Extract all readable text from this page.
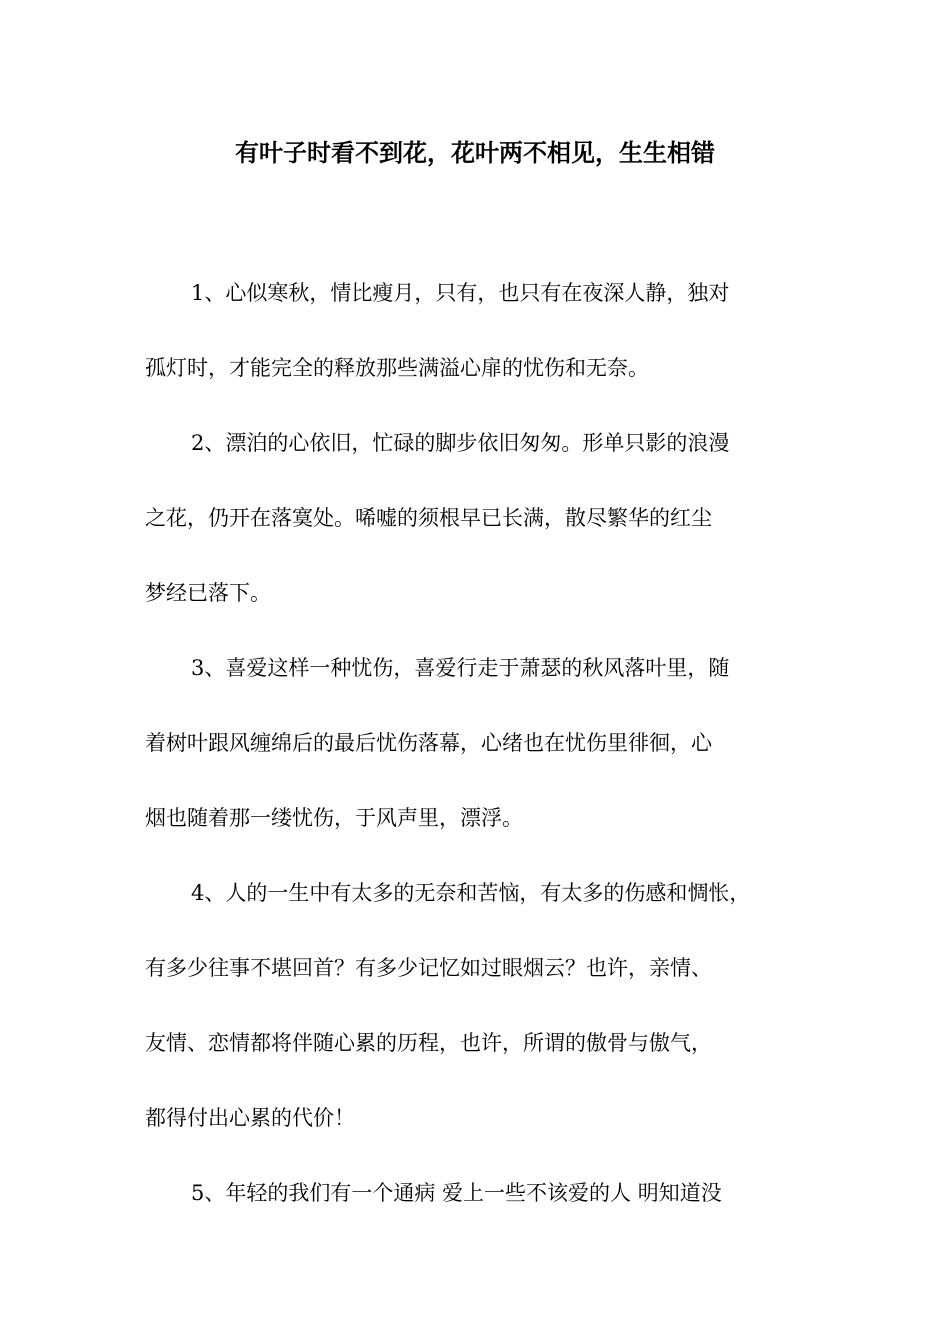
有叶子时看不到花，花叶两不相见，生生相错

1、心似寒秋，情比瘦月，只有，也只有在夜深人静，独对
孤灯时，才能完全的释放那些满溢心扉的忧伤和无奈。

2、漂泊的心依旧，忙碌的脚步依旧匆匆。形单只影的浪漫
之花，仍开在落寞处。唏嘘的须根早已长满，散尽繁华的红尘
梦经已落下。

3、喜爱这样一种忧伤，喜爱行走于萧瑟的秋风落叶里，随
着树叶跟风缠绵后的最后忧伤落幕，心绪也在忧伤里徘徊，心
烟也随着那一缕忧伤，于风声里，漂浮。

4、人的一生中有太多的无奈和苦恼，有太多的伤感和惆怅，
有多少往事不堪回首？有多少记忆如过眼烟云？也许，亲情、
友情、恋情都将伴随心累的历程，也许，所谓的傲骨与傲气，
都得付出心累的代价！

5、年轻的我们有一个通病 爱上一些不该爱的人 明知道没
